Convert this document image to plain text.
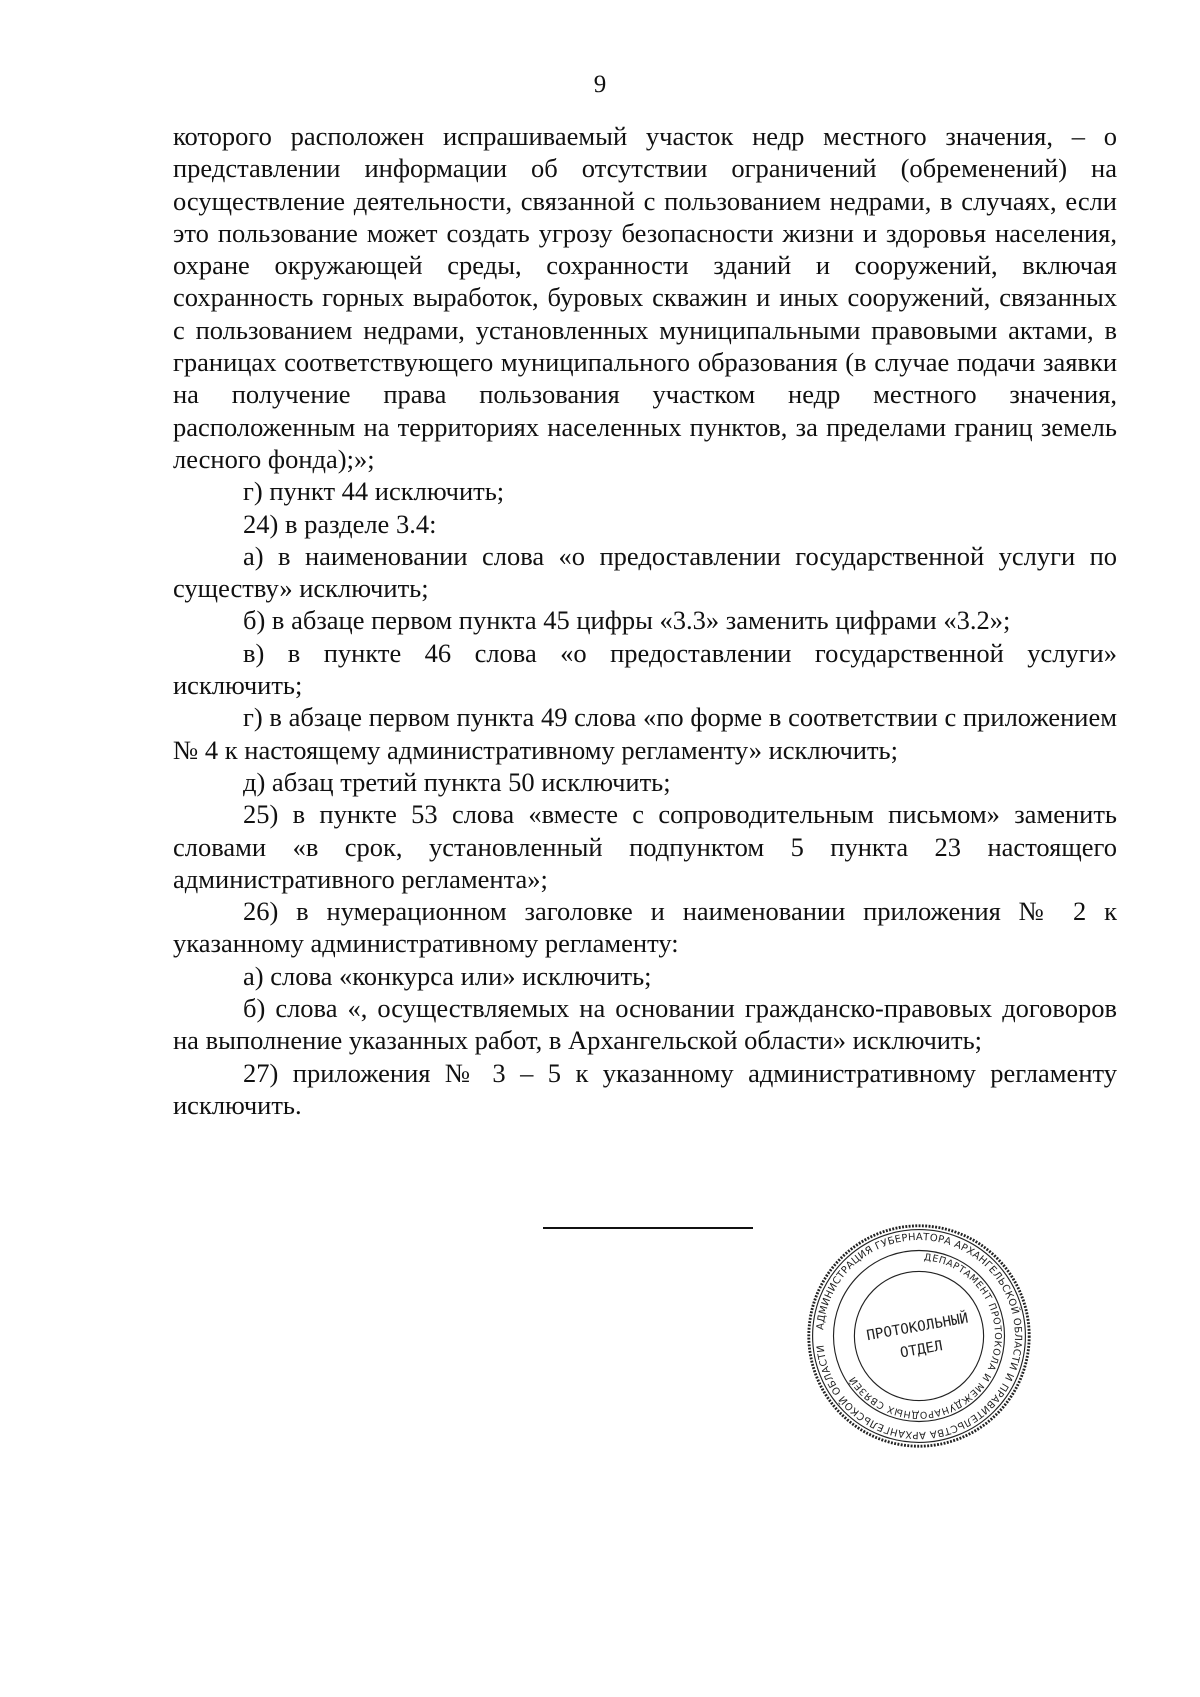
9

которого расположен испрашиваемый участок недр местного значения, – о представлении информации об отсутствии ограничений (обременений) на осуществление деятельности, связанной с пользованием недрами, в случаях, если это пользование может создать угрозу безопасности жизни и здоровья населения, охране окружающей среды, сохранности зданий и сооружений, включая сохранность горных выработок, буровых скважин и иных сооружений, связанных с пользованием недрами, установленных муниципальными правовыми актами, в границах соответствующего муниципального образования (в случае подачи заявки на получение права пользования участком недр местного значения, расположенным на территориях населенных пунктов, за пределами границ земель лесного фонда);»;

г) пункт 44 исключить;

24) в разделе 3.4:

а) в наименовании слова «о предоставлении государственной услуги по существу» исключить;

б) в абзаце первом пункта 45 цифры «3.3» заменить цифрами «3.2»;

в) в пункте 46 слова «о предоставлении государственной услуги» исключить;

г) в абзаце первом пункта 49 слова «по форме в соответствии с приложением № 4 к настоящему административному регламенту» исключить;

д) абзац третий пункта 50 исключить;

25) в пункте 53 слова «вместе с сопроводительным письмом» заменить словами «в срок, установленный подпунктом 5 пункта 23 настоящего административного регламента»;

26) в нумерационном заголовке и наименовании приложения № 2 к указанному административному регламенту:

а) слова «конкурса или» исключить;

б) слова «, осуществляемых на основании гражданско-правовых договоров на выполнение указанных работ, в Архангельской области» исключить;

27) приложения № 3 – 5 к указанному административному регламенту исключить.

АДМИНИСТРАЦИЯ ГУБЕРНАТОРА АРХАНГЕЛЬСКОЙ ОБЛАСТИ И ПРАВИТЕЛЬСТВА АРХАНГЕЛЬСКОЙ ОБЛАСТИ
ДЕПАРТАМЕНТ ПРОТОКОЛА И МЕЖДУНАРОДНЫХ СВЯЗЕЙ
ПРОТОКОЛЬНЫЙ
ОТДЕЛ
